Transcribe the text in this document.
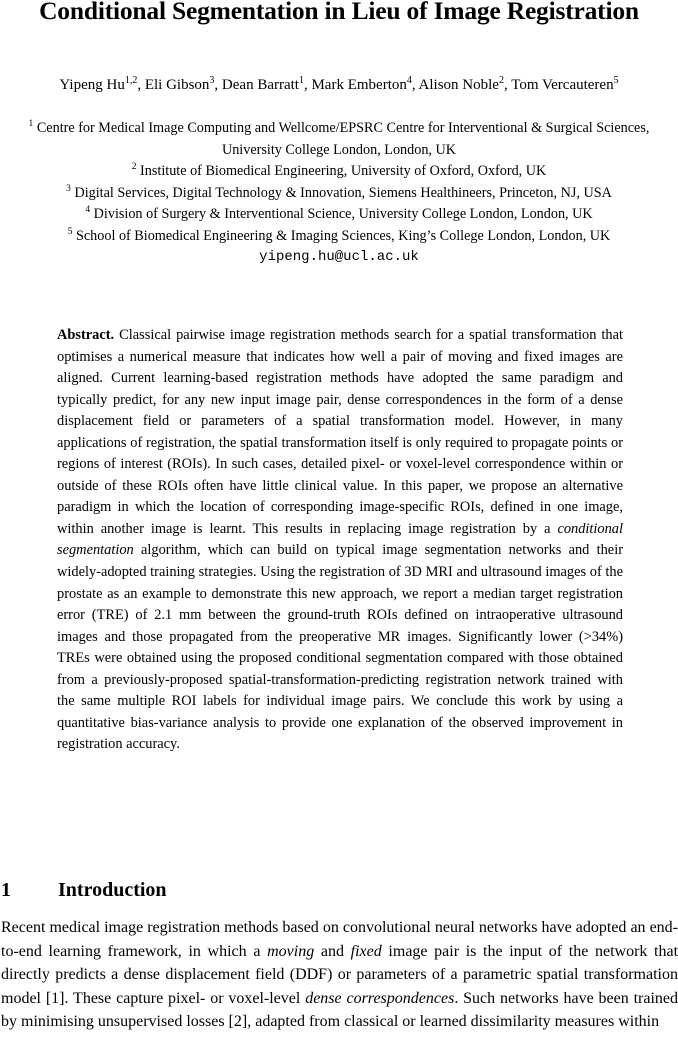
Conditional Segmentation in Lieu of Image Registration
Yipeng Hu$^{1,2}$, Eli Gibson$^3$, Dean Barratt$^1$, Mark Emberton$^4$, Alison Noble$^2$, Tom Vercauteren$^5$
$^1$ Centre for Medical Image Computing and Wellcome/EPSRC Centre for Interventional & Surgical Sciences, University College London, London, UK
$^2$ Institute of Biomedical Engineering, University of Oxford, Oxford, UK
$^3$ Digital Services, Digital Technology & Innovation, Siemens Healthineers, Princeton, NJ, USA
$^4$ Division of Surgery & Interventional Science, University College London, London, UK
$^5$ School of Biomedical Engineering & Imaging Sciences, King’s College London, London, UK
yipeng.hu@ucl.ac.uk
Abstract. Classical pairwise image registration methods search for a spatial transformation that optimises a numerical measure that indicates how well a pair of moving and fixed images are aligned. Current learning-based registration methods have adopted the same paradigm and typically predict, for any new input image pair, dense correspondences in the form of a dense displacement field or parameters of a spatial transformation model. However, in many applications of registration, the spatial transformation itself is only required to propagate points or regions of interest (ROIs). In such cases, detailed pixel- or voxel-level correspondence within or outside of these ROIs often have little clinical value. In this paper, we propose an alternative paradigm in which the location of corresponding image-specific ROIs, defined in one image, within another image is learnt. This results in replacing image registration by a conditional segmentation algorithm, which can build on typical image segmentation networks and their widely-adopted training strategies. Using the registration of 3D MRI and ultrasound images of the prostate as an example to demonstrate this new approach, we report a median target registration error (TRE) of 2.1 mm between the ground-truth ROIs defined on intraoperative ultrasound images and those propagated from the preoperative MR images. Significantly lower (>34%) TREs were obtained using the proposed conditional segmentation compared with those obtained from a previously-proposed spatial-transformation-predicting registration network trained with the same multiple ROI labels for individual image pairs. We conclude this work by using a quantitative bias-variance analysis to provide one explanation of the observed improvement in registration accuracy.
1 Introduction
Recent medical image registration methods based on convolutional neural networks have adopted an end-to-end learning framework, in which a moving and fixed image pair is the input of the network that directly predicts a dense displacement field (DDF) or parameters of a parametric spatial transformation model [1]. These capture pixel- or voxel-level dense correspondences. Such networks have been trained by minimising unsupervised losses [2], adapted from classical or learned dissimilarity measures within
